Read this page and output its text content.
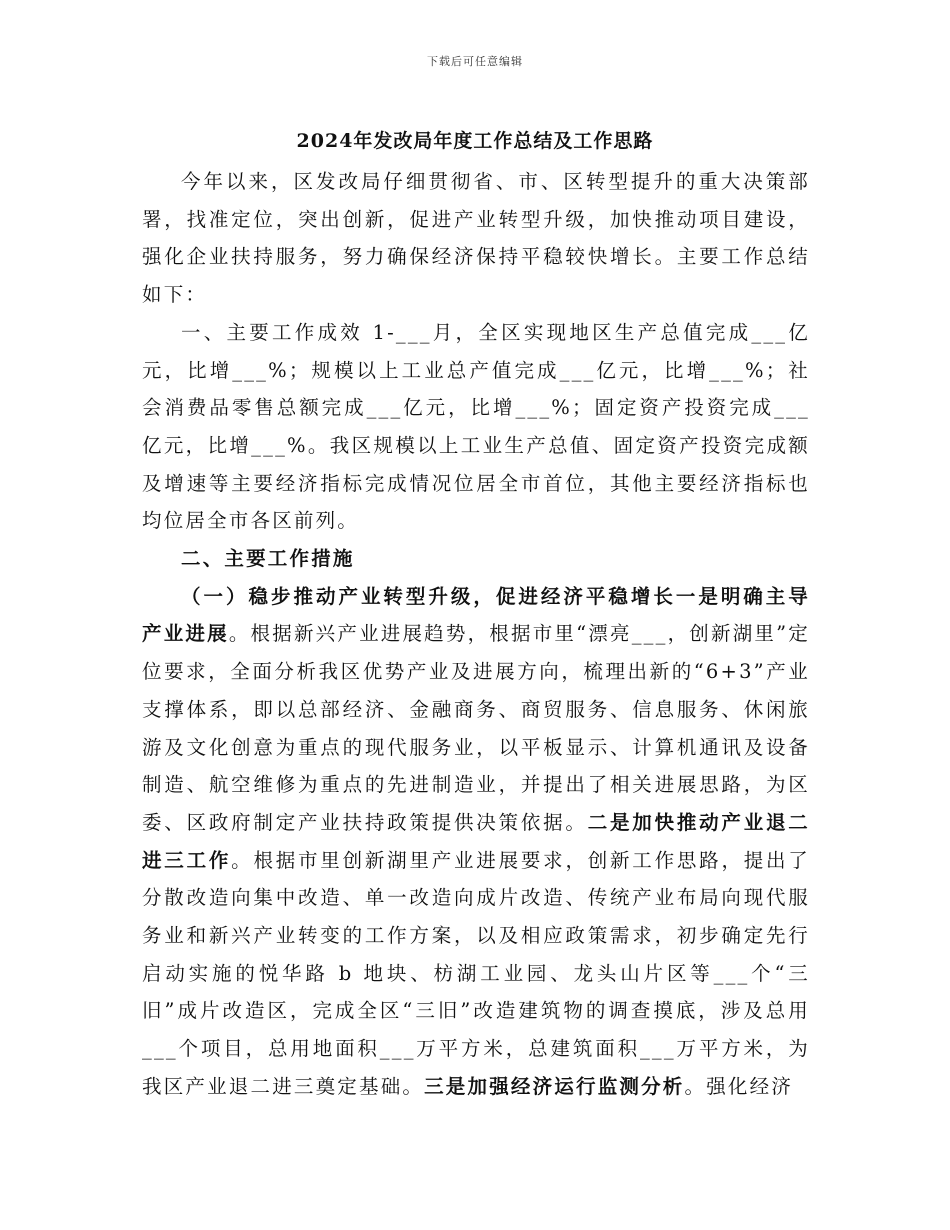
下载后可任意编辑
2024年发改局年度工作总结及工作思路

今年以来，区发改局仔细贯彻省、市、区转型提升的重大决策部署，找准定位，突出创新，促进产业转型升级，加快推动项目建设，强化企业扶持服务，努力确保经济保持平稳较快增长。主要工作总结如下：

一、主要工作成效 1-___月，全区实现地区生产总值完成___亿元，比增___%；规模以上工业总产值完成___亿元，比增___%；社会消费品零售总额完成___亿元，比增___%；固定资产投资完成___亿元，比增___%。我区规模以上工业生产总值、固定资产投资完成额及增速等主要经济指标完成情况位居全市首位，其他主要经济指标也均位居全市各区前列。

二、主要工作措施

（一）稳步推动产业转型升级，促进经济平稳增长一是明确主导产业进展。根据新兴产业进展趋势，根据市里“漂亮___，创新湖里”定位要求，全面分析我区优势产业及进展方向，梳理出新的“6+3”产业支撑体系，即以总部经济、金融商务、商贸服务、信息服务、休闲旅游及文化创意为重点的现代服务业，以平板显示、计算机通讯及设备制造、航空维修为重点的先进制造业，并提出了相关进展思路，为区委、区政府制定产业扶持政策提供决策依据。二是加快推动产业退二进三工作。根据市里创新湖里产业进展要求，创新工作思路，提出了分散改造向集中改造、单一改造向成片改造、传统产业布局向现代服务业和新兴产业转变的工作方案，以及相应政策需求，初步确定先行启动实施的悦华路 b 地块、枋湖工业园、龙头山片区等___个“三旧”成片改造区，完成全区“三旧”改造建筑物的调查摸底，涉及总用___个项目，总用地面积___万平方米，总建筑面积___万平方米，为我区产业退二进三奠定基础。三是加强经济运行监测分析。强化经济
